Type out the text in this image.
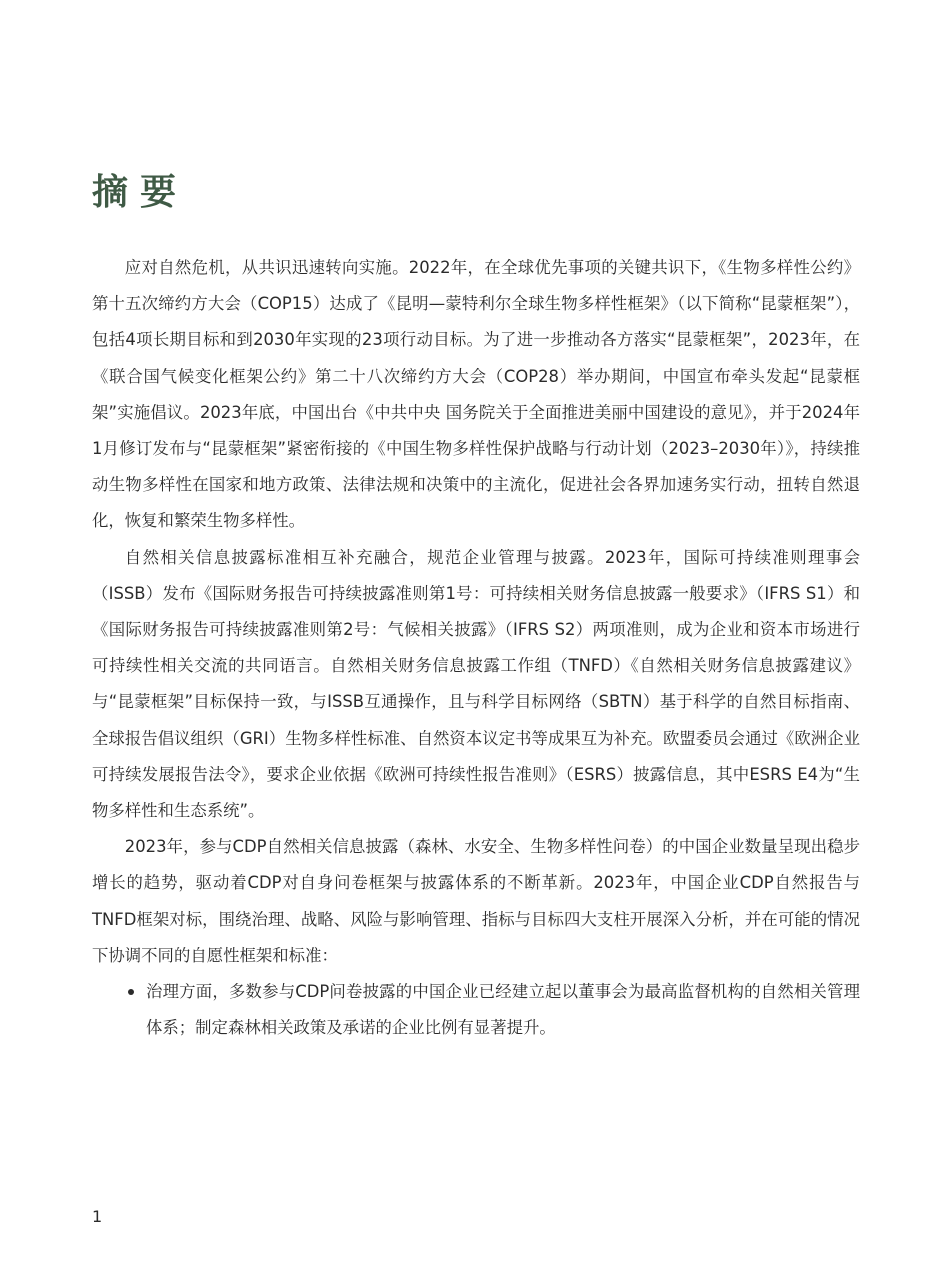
摘要

应对自然危机，从共识迅速转向实施。2022年，在全球优先事项的关键共识下，《生物多样性公约》第十五次缔约方大会（COP15）达成了《昆明—蒙特利尔全球生物多样性框架》（以下简称“昆蒙框架”），包括4项长期目标和到2030年实现的23项行动目标。为了进一步推动各方落实“昆蒙框架”，2023年，在《联合国气候变化框架公约》第二十八次缔约方大会（COP28）举办期间，中国宣布牵头发起“昆蒙框架”实施倡议。2023年底，中国出台《中共中央 国务院关于全面推进美丽中国建设的意见》，并于2024年1月修订发布与“昆蒙框架”紧密衔接的《中国生物多样性保护战略与行动计划（2023–2030年）》，持续推动生物多样性在国家和地方政策、法律法规和决策中的主流化，促进社会各界加速务实行动，扭转自然退化，恢复和繁荣生物多样性。

自然相关信息披露标准相互补充融合，规范企业管理与披露。2023年，国际可持续准则理事会（ISSB）发布《国际财务报告可持续披露准则第1号：可持续相关财务信息披露一般要求》（IFRS S1）和《国际财务报告可持续披露准则第2号：气候相关披露》（IFRS S2）两项准则，成为企业和资本市场进行可持续性相关交流的共同语言。自然相关财务信息披露工作组（TNFD）《自然相关财务信息披露建议》与“昆蒙框架”目标保持一致，与ISSB互通操作，且与科学目标网络（SBTN）基于科学的自然目标指南、全球报告倡议组织（GRI）生物多样性标准、自然资本议定书等成果互为补充。欧盟委员会通过《欧洲企业可持续发展报告法令》，要求企业依据《欧洲可持续性报告准则》（ESRS）披露信息，其中ESRS E4为“生物多样性和生态系统”。

2023年，参与CDP自然相关信息披露（森林、水安全、生物多样性问卷）的中国企业数量呈现出稳步增长的趋势，驱动着CDP对自身问卷框架与披露体系的不断革新。2023年，中国企业CDP自然报告与TNFD框架对标，围绕治理、战略、风险与影响管理、指标与目标四大支柱开展深入分析，并在可能的情况下协调不同的自愿性框架和标准：

治理方面，多数参与CDP问卷披露的中国企业已经建立起以董事会为最高监督机构的自然相关管理体系；制定森林相关政策及承诺的企业比例有显著提升。
1
